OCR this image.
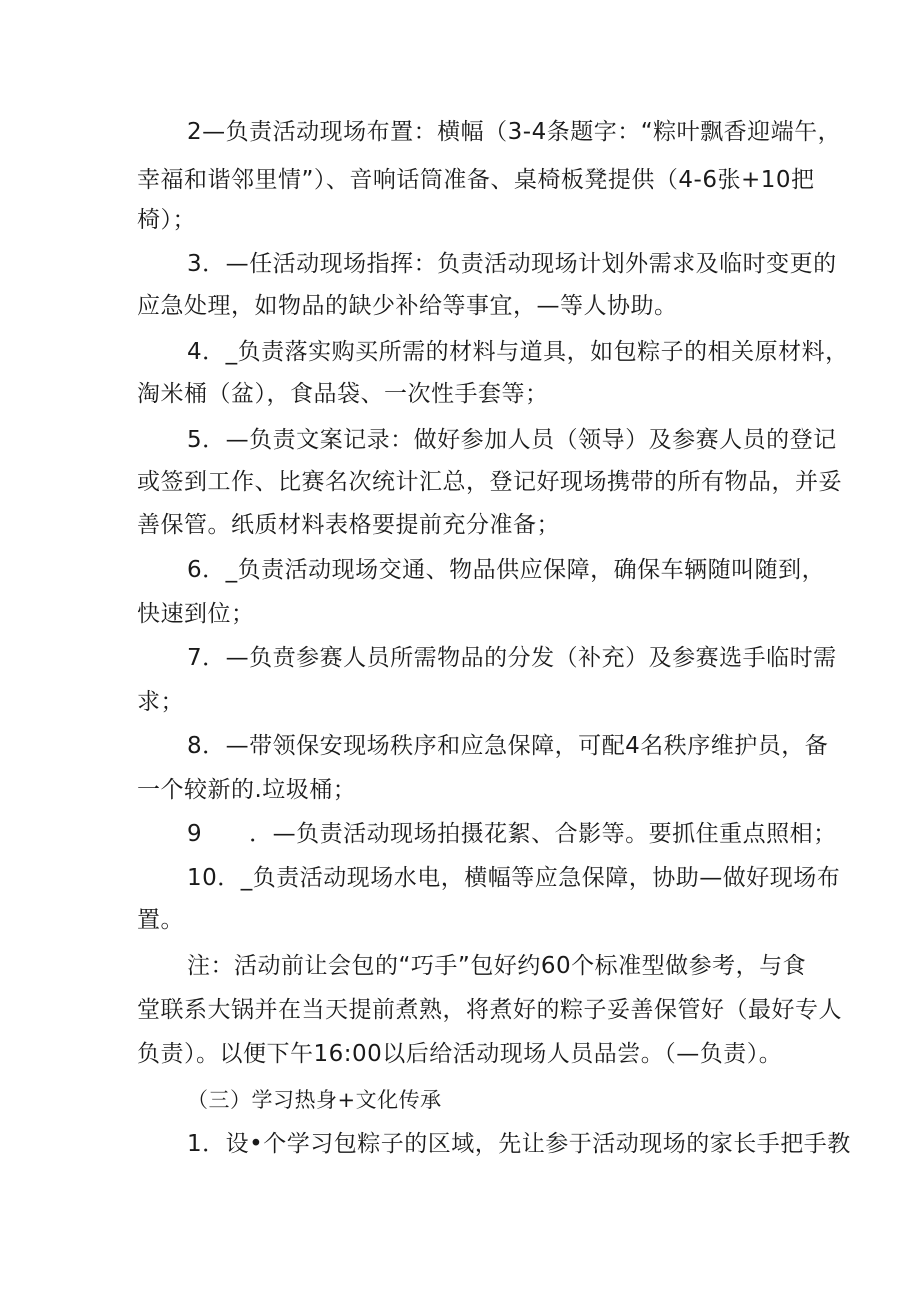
2—负责活动现场布置：横幅（3-4条题字：“粽叶飘香迎端午，
幸福和谐邻里情”）、音响话筒准备、桌椅板凳提供（4-6张+10把
椅）；
3．—任活动现场指挥：负责活动现场计划外需求及临时变更的
应急处理，如物品的缺少补给等事宜，—等人协助。
4．_负责落实购买所需的材料与道具，如包粽子的相关原材料，
淘米桶（盆），食品袋、一次性手套等；
5．—负责文案记录：做好参加人员（领导）及参赛人员的登记
或签到工作、比赛名次统计汇总，登记好现场携带的所有物品，并妥
善保管。纸质材料表格要提前充分准备；
6．_负责活动现场交通、物品供应保障，确保车辆随叫随到，
快速到位；
7．—负贲参赛人员所需物品的分发（补充）及参赛选手临时需
求；
8．—带领保安现场秩序和应急保障，可配4名秩序维护员，备
一个较新的.垃圾桶；
9　　．—负责活动现场拍摄花絮、合影等。要抓住重点照相；
10．_负责活动现场水电，横幅等应急保障，协助—做好现场布
置。
注：活动前让会包的“巧手”包好约60个标准型做参考，与食
堂联系大锅并在当天提前煮熟，将煮好的粽子妥善保管好（最好专人
负责）。以便下午16:00以后给活动现场人员品尝。（—负责）。
（三）学习热身+文化传承
1．设•个学习包粽子的区域，先让参于活动现场的家长手把手教
